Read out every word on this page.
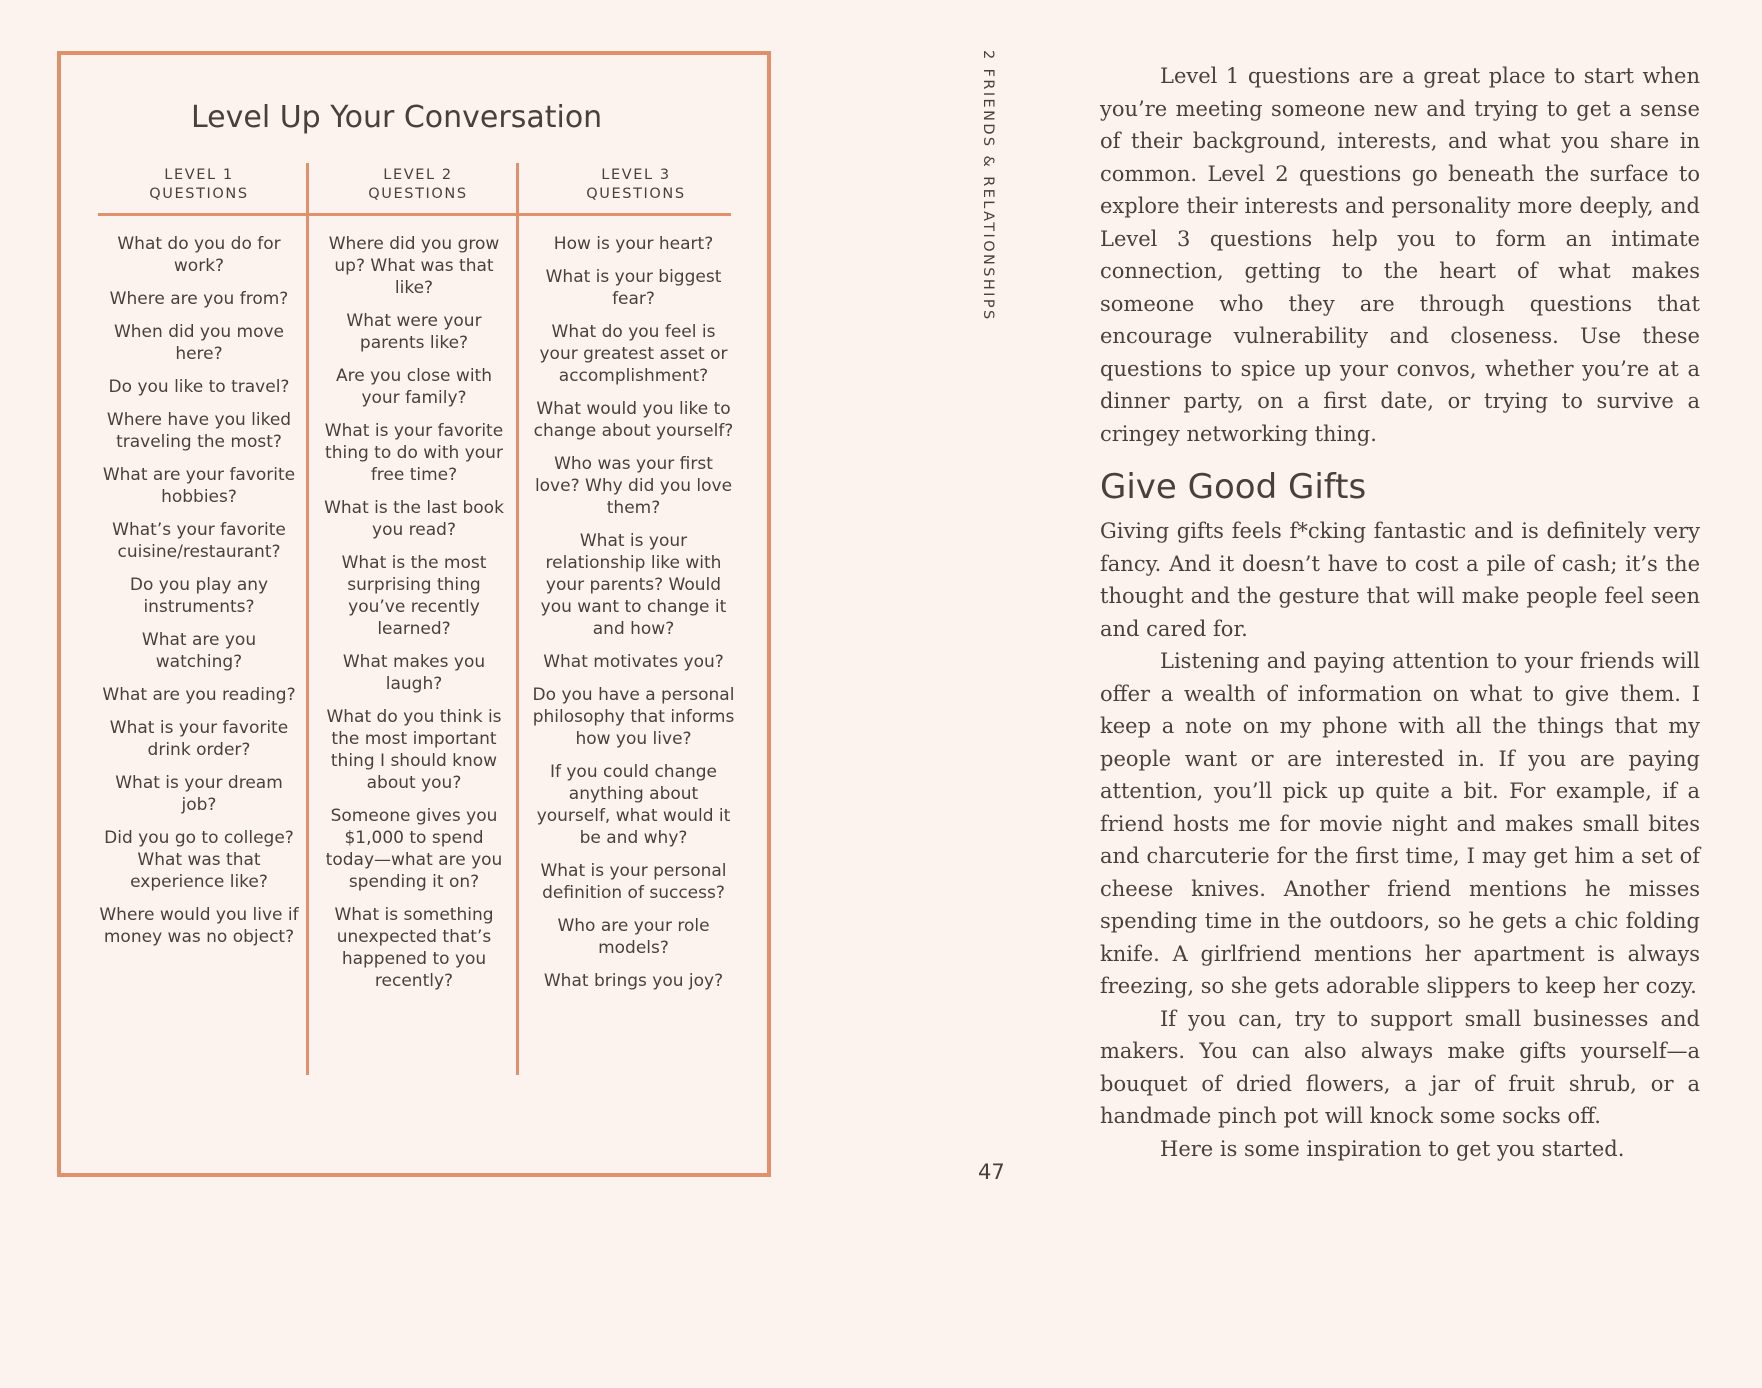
Level Up Your Conversation
LEVEL 1
QUESTIONS
LEVEL 2
QUESTIONS
LEVEL 3
QUESTIONS
What do you do for work?
Where are you from?
When did you move here?
Do you like to travel?
Where have you liked traveling the most?
What are your favorite hobbies?
What’s your favorite cuisine/restaurant?
Do you play any instruments?
What are you watching?
What are you reading?
What is your favorite drink order?
What is your dream job?
Did you go to college? What was that experience like?
Where would you live if money was no object?
Where did you grow up? What was that like?
What were your parents like?
Are you close with your family?
What is your favorite thing to do with your free time?
What is the last book you read?
What is the most surprising thing you’ve recently learned?
What makes you laugh?
What do you think is the most important thing I should know about you?
Someone gives you $1,000 to spend today—what are you spending it on?
What is something unexpected that’s happened to you recently?
How is your heart?
What is your biggest fear?
What do you feel is your greatest asset or accomplishment?
What would you like to change about yourself?
Who was your first love? Why did you love them?
What is your relationship like with your parents? Would you want to change it and how?
What motivates you?
Do you have a personal philosophy that informs how you live?
If you could change anything about yourself, what would it be and why?
What is your personal definition of success?
Who are your role models?
What brings you joy?
2 FRIENDS & RELATIONSHIPS
47

Level 1 questions are a great place to start when you’re meeting someone new and trying to get a sense of their background, interests, and what you share in common. Level 2 questions go beneath the surface to explore their interests and personality more deeply, and Level 3 questions help you to form an intimate connection, getting to the heart of what makes someone who they are through questions that encourage vulnerability and closeness. Use these questions to spice up your convos, whether you’re at a dinner party, on a first date, or trying to survive a cringey networking thing.

Give Good Gifts

Giving gifts feels f*cking fantastic and is definitely very fancy. And it doesn’t have to cost a pile of cash; it’s the thought and the gesture that will make people feel seen and cared for.

Listening and paying attention to your friends will offer a wealth of information on what to give them. I keep a note on my phone with all the things that my people want or are interested in. If you are paying attention, you’ll pick up quite a bit. For example, if a friend hosts me for movie night and makes small bites and charcuterie for the first time, I may get him a set of cheese knives. Another friend mentions he misses spending time in the outdoors, so he gets a chic folding knife. A girlfriend mentions her apartment is always freezing, so she gets adorable slippers to keep her cozy.

If you can, try to support small businesses and makers. You can also always make gifts yourself—a bouquet of dried flowers, a jar of fruit shrub, or a handmade pinch pot will knock some socks off.

Here is some inspiration to get you started.
